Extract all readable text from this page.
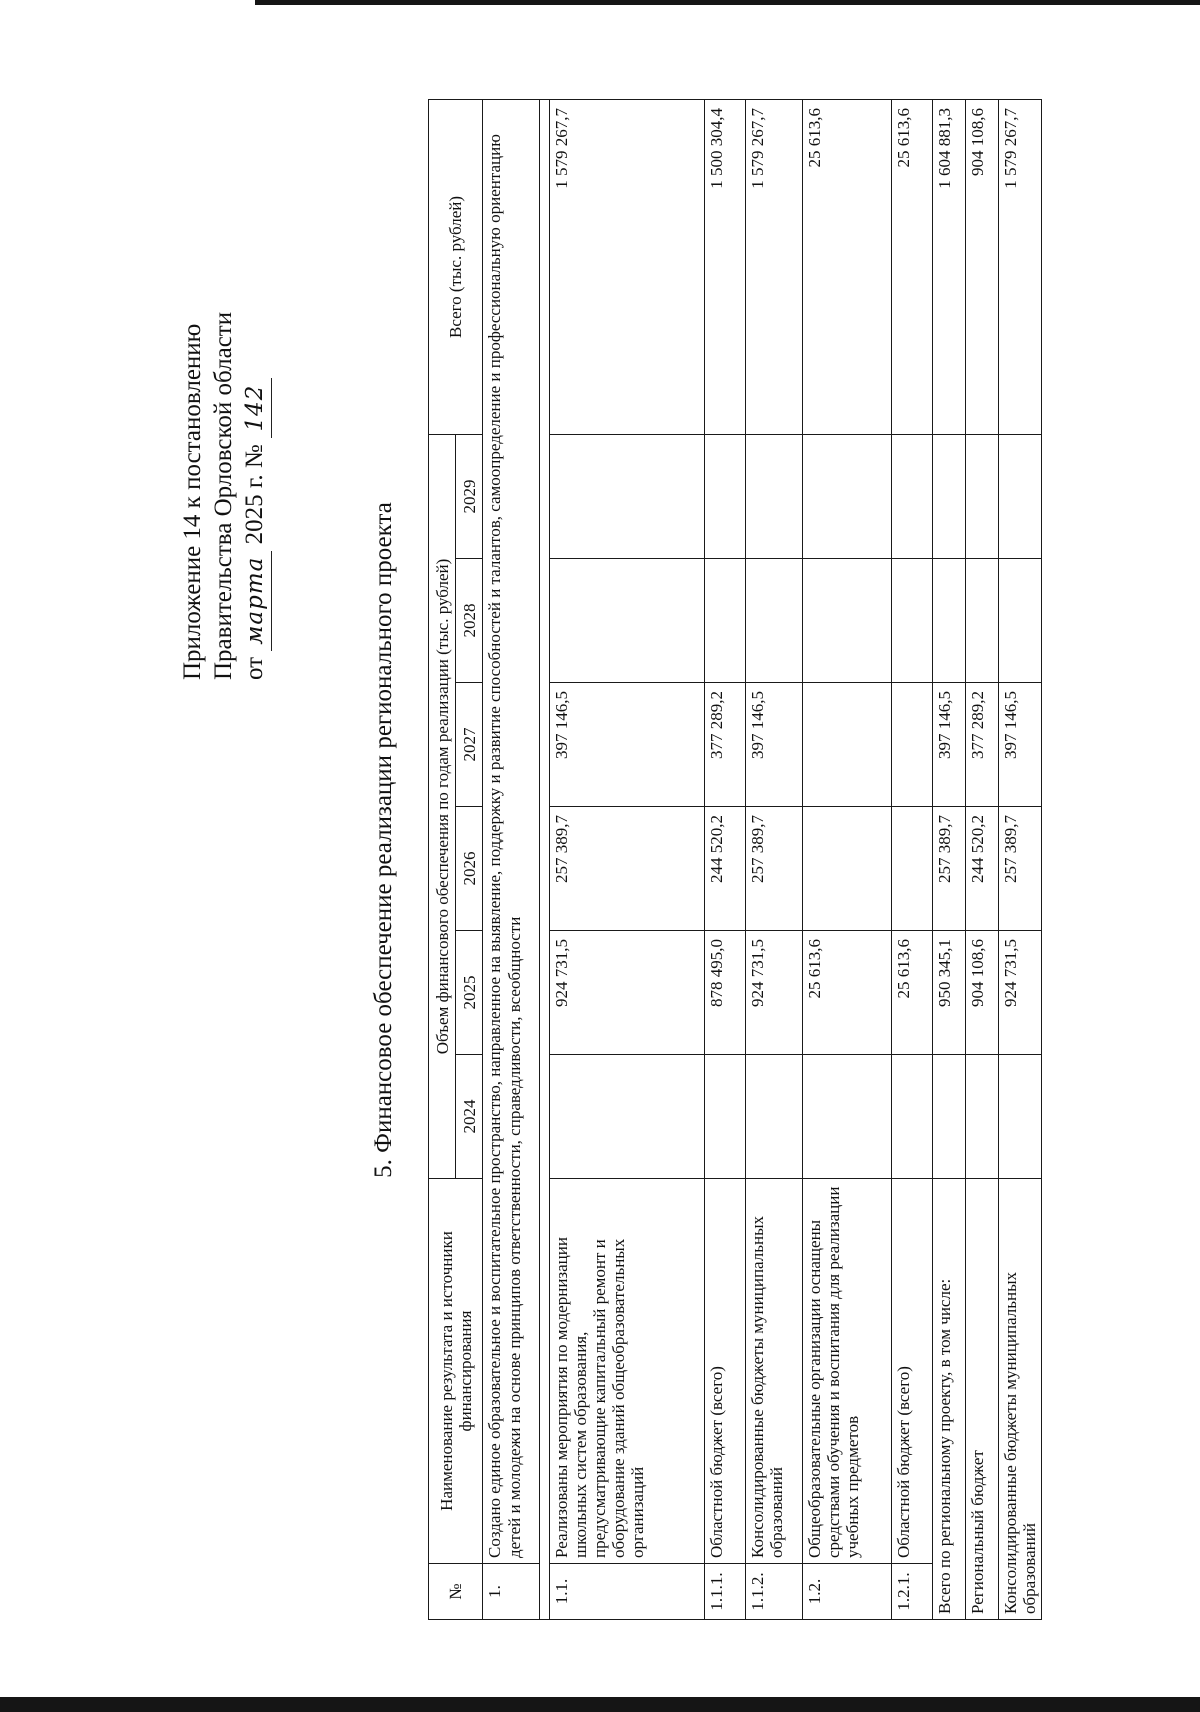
Приложение 14 к постановлению Правительства Орловской области от марта 2025 г. № 142
5. Финансовое обеспечение реализации регионального проекта
№	Наименование результата и источники финансирования	Объем финансового обеспечения по годам реализации (тыс. рублей)						Всего (тыс. рублей)
		2024	2025	2026	2027	2028	2029	
1.	Создано единое образовательное и воспитательное пространство, направленное на выявление, поддержку и развитие способностей и талантов, самоопределение и профессиональную ориентацию детей и молодежи на основе принципов ответственности, справедливости, всеобщности							

1.1.	Реализованы мероприятия по модернизации школьных систем образования, предусматривающие капитальный ремонт и оборудование зданий общеобразовательных организаций		924 731,5	257 389,7	397 146,5			1 579 267,7
1.1.1.	Областной бюджет (всего)		878 495,0	244 520,2	377 289,2			1 500 304,4
1.1.2.	Консолидированные бюджеты муниципальных образований		924 731,5	257 389,7	397 146,5			1 579 267,7
1.2.	Общеобразовательные организации оснащены средствами обучения и воспитания для реализации учебных предметов		25 613,6					25 613,6
1.2.1.	Областной бюджет (всего)		25 613,6					25 613,6
Всего по региональному проекту, в том числе:			950 345,1	257 389,7	397 146,5			1 604 881,3
Региональный бюджет			904 108,6	244 520,2	377 289,2			904 108,6
Консолидированные бюджеты муниципальных образований			924 731,5	257 389,7	397 146,5			1 579 267,7
